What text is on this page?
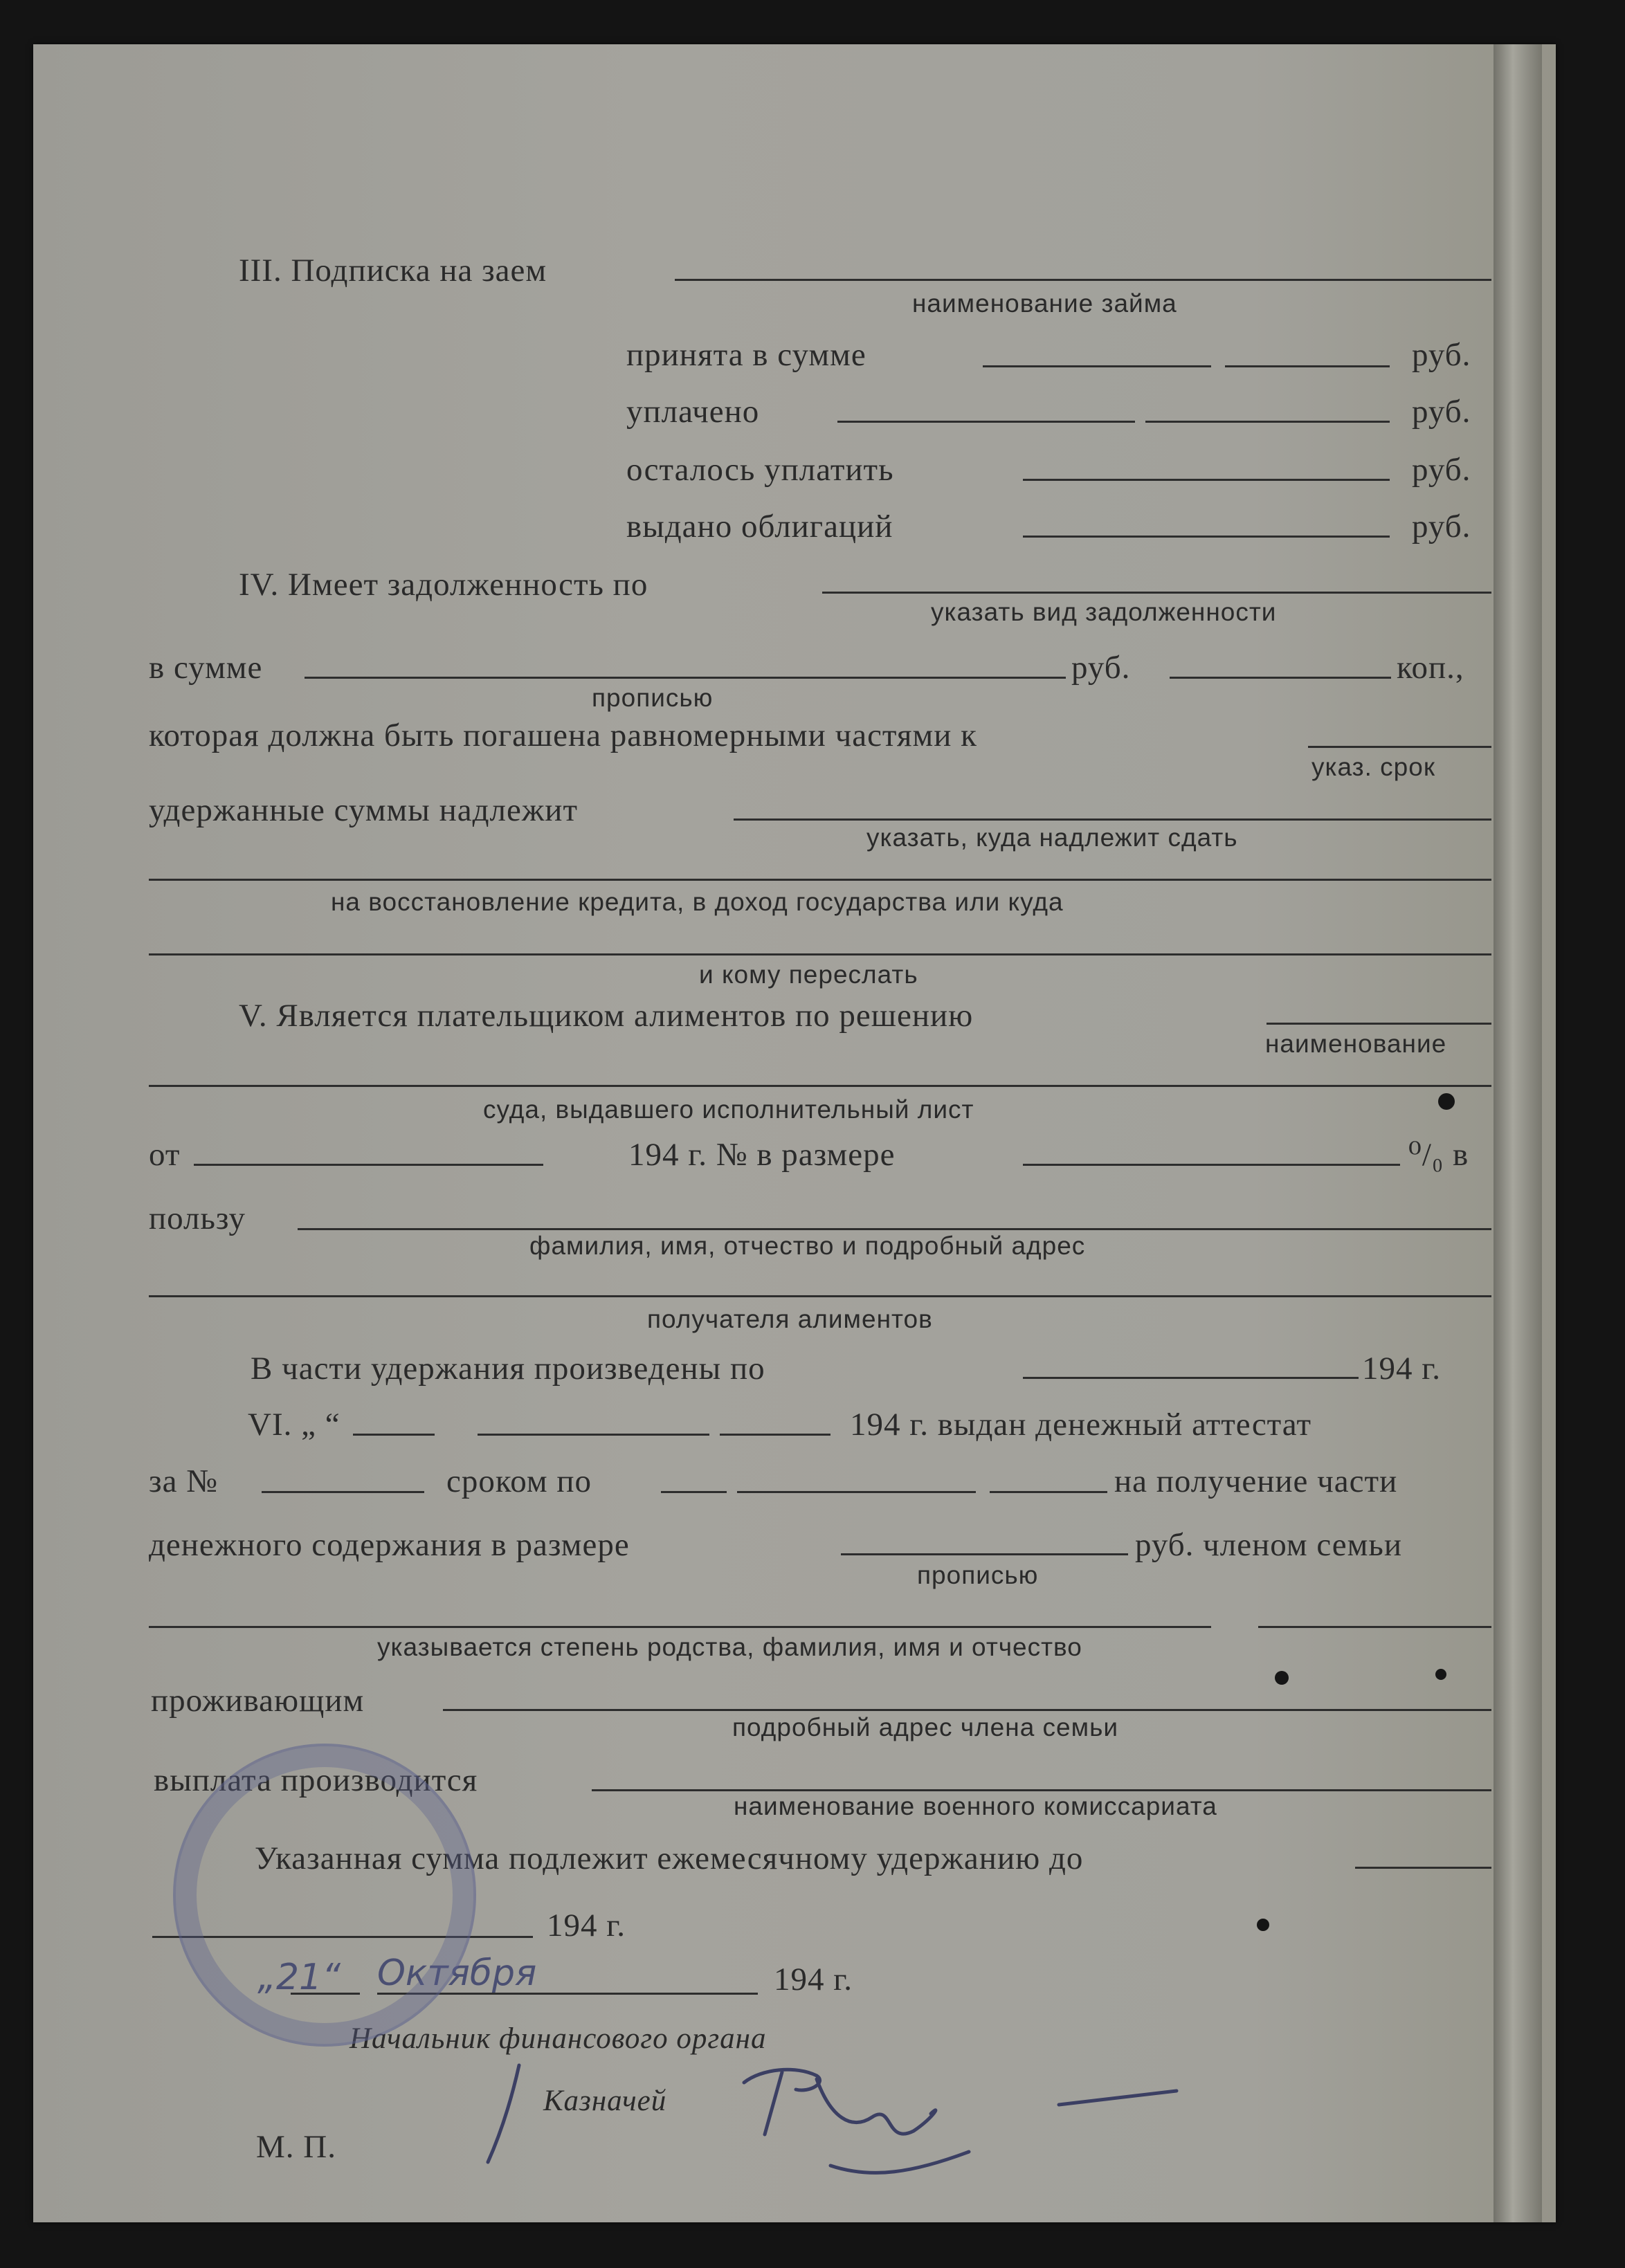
III. Подписка на заем
наименование займа
принята в сумме	руб.
уплачено	руб.
осталось уплатить	руб.
выдано облигаций	руб.
IV. Имеет задолженность по
указать вид задолженности
в сумме	руб.	коп.,
прописью
которая должна быть погашена равномерными частями к
указ. срок
удержанные суммы надлежит
указать, куда надлежит сдать
на восстановление кредита, в доход государства или куда
и кому переслать
V. Является плательщиком алиментов по решению
наименование
суда, выдавшего исполнительный лист
от	194 г. № в размере	⁰/₀ в
пользу
фамилия, имя, отчество и подробный адрес
получателя алиментов
В части удержания произведены по	194 г.
VI. „ “	194 г. выдан денежный аттестат
за №	сроком по	на получение части
денежного содержания в размере	руб. членом семьи
прописью
указывается степень родства, фамилия, имя и отчество
проживающим
подробный адрес члена семьи
выплата производится
наименование военного комиссариата
Указанная сумма подлежит ежемесячному удержанию до
194 г.
„21“ Октября	194 г.
Начальник финансового органа
Казначей
М. П.
